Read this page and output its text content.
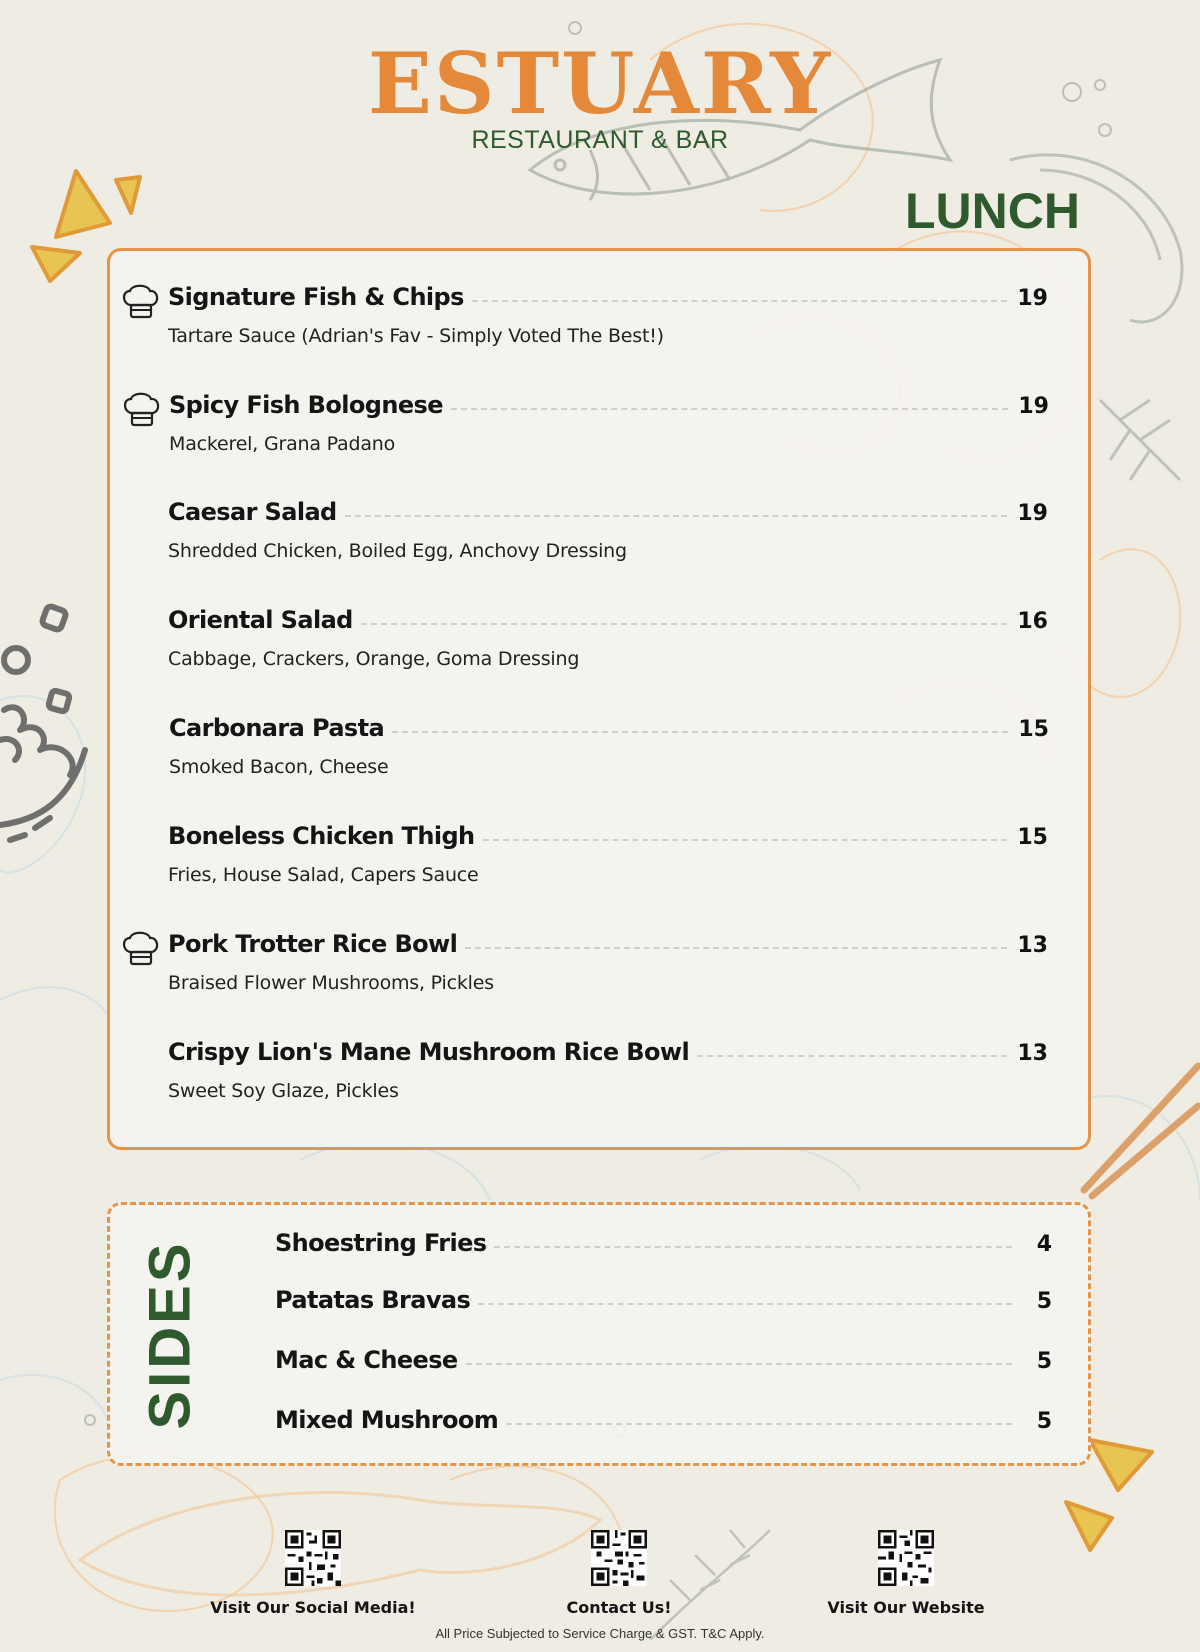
ESTUARY
RESTAURANT & BAR
LUNCH
Signature Fish & Chips	19
Tartare Sauce (Adrian's Fav - Simply Voted The Best!)
Spicy Fish Bolognese	19
Mackerel, Grana Padano
Caesar Salad	19
Shredded Chicken, Boiled Egg, Anchovy Dressing
Oriental Salad	16
Cabbage, Crackers, Orange, Goma Dressing
Carbonara Pasta	15
Smoked Bacon, Cheese
Boneless Chicken Thigh	15
Fries, House Salad, Capers Sauce
Pork Trotter Rice Bowl	13
Braised Flower Mushrooms, Pickles
Crispy Lion's Mane Mushroom Rice Bowl	13
Sweet Soy Glaze, Pickles
SIDES	Shoestring Fries	4
Patatas Bravas	5
Mac & Cheese	5
Mixed Mushroom	5
Visit Our Social Media!	Contact Us!	Visit Our Website
All Price Subjected to Service Charge & GST. T&C Apply.
